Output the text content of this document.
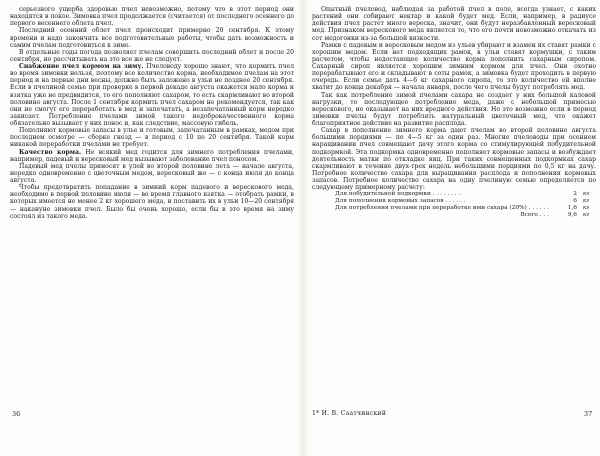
серьезного ущерба здоровью пчел невозможно, потому что в этот период они находятся в покое. Зимовка пчел продолжается (считается) от последнего осеннего до первого весеннего облета пчел.

Последний осенний облет пчел происходит примерно 20 сентября. К этому времени и надо закончить все подготовительные работы, чтобы дать возможность и самим пчелам подготовиться к зиме.

В отдельные годы погода позволяет пчелам совершить последний облет и после 20 сентября, но рассчитывать на это все же не следует.

Снабжение пчел кормом на зиму. Пчеловоду хорошо знают, что кормить пчел во время зимовки нельзя, поэтому все количество корма, необходимое пчелам на этот период и на первые дни весны, должно быть заложено в ульи не позднее 20 сентября. Если в пчелиной семье при проверке в первой декаде августа окажется мало корма и взятка уже не предвидится, то его пополняют сахаром, то есть скармливают во второй половине августа. После 1 сентября кормить пчел сахаром не рекомендуется, так как они не смогут его переработать в мед и запечатать, а незапечатанный корм нередко закисает. Потребление пчелами зимой такого недоброкачественного корма обязательно вызывает у них понос и, как следствие, массовую гибель.

Пополняют кормовые запасы в улье и готовым, запечатанным в рамках, медом при последнем осмотре — сборке гнезд — в период с 10 по 20 сентября. Такой корм никакой переработки пчелами не требует.

Качество корма. Не всякий мед годится для зимнего потребления пчелами, например, падевый и вересковый мед вызывают заболевание пчел поносом.

Падевый мед пчелы приносят в улей во второй половине лета — начале августа, нередко одновременно с цветочным медом, вересковый же — с конца июля до конца августа.

Чтобы предотвратить попадание в зимний корм падевого и верескового меда, необходимо в первой половине июля — во время главного взятка — отобрать рамки, в которых имеется не менее 2 кг хорошего меда, и поставить их в ульи 10—20 сентября — накануне зимовки пчел. Было бы очень хорошо, если бы в это время на зиму состоял из такого меда.

36

Опытный пчеловод, наблюдая за работой пчел в поле, всегда узнает, с каких растений они собирают нектар и какой будет мед. Если, например, в радиусе действия пчел растет много вереска, значит, они будут неразбавленный вересковый мед. Признаком верескового меда является то, что его почти невозможно откачать из сот медогонки из-за большой вязкости.

Рамки с падевым и вересковым медом из ульев убирают и взамен их ставят рамки с хорошим медом. Если нет подходящих рамок, в ульи ставят кормушки, с таким расчетом, чтобы недостающее количество корма пополнить сахарным сиропом. Сахарный сироп является хорошим зимним кормом для пчел. Они охотно перерабатывают его и складывают в соты рамок, а зимовка будет проходить в первую очередь. Если семье дать 4—6 кг сахарного сиропа, то это количество ей вполне хватит до конца декабря — начала января, после чего пчелы будут потреблять мед.

Так как потребление зимой пчелами сахара не создает у них большой каловой нагрузки, то последующее потребление меда, даже с небольшой примесью верескового, не оказывает на них вредного действия. Но это возможно если в период зимовки пчелы будут потреблять натуральный цветочный мед, что окажет благоприятное действие на развитие расплода.

Сахар в пополнение зимнего корма дают пчелам во второй половине августа большими порциями — по 4—5 кг за один раз. Многие пчеловоды при осеннем наращивании пчел совмещают дачу этого корма со стимулирующей побудительной подкормкой. Эта подкормка одновременно пополняет кормовые запасы и возбуждает деятельность матки по откладке яиц. При таких совмещенных подкормках сахар скармливают в течение двух-трех недель небольшими порциями по 0,5 кг на дачу. Потребное количество сахара для выращивания расплода и пополнения кормовых запасов. Потребное количество сахара на одну пчелиную семью определяется по следующему примерному расчету:

Для побудительной подкормки . . . . . . . .	2	кг
Для пополнения кормовых запасов . . . . . .	6	кг
Для потребления пчелами при переработке ими сахара (20%) . . . . . .	1,6	кг
Всего . . .	9,6	кг
1* И. В. Саатчинский	37
